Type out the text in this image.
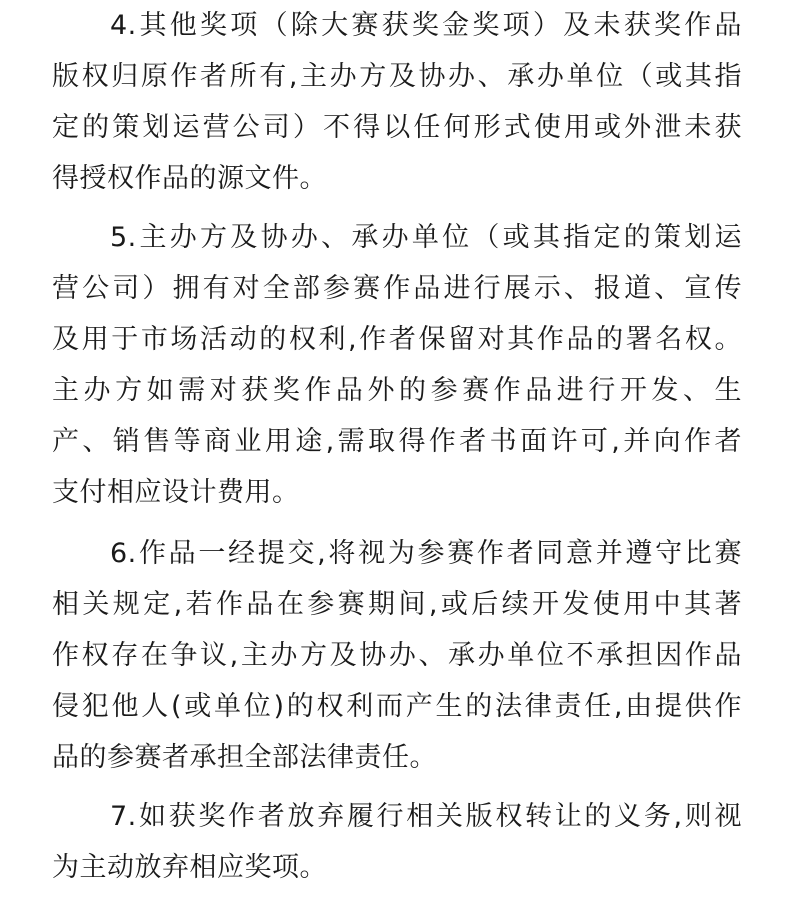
4.其他奖项（除大赛获奖金奖项）及未获奖作品
版权归原作者所有,主办方及协办、承办单位（或其指
定的策划运营公司）不得以任何形式使用或外泄未获
得授权作品的源文件。
5.主办方及协办、承办单位（或其指定的策划运
营公司）拥有对全部参赛作品进行展示、报道、宣传
及用于市场活动的权利,作者保留对其作品的署名权。
主办方如需对获奖作品外的参赛作品进行开发、生
产、销售等商业用途,需取得作者书面许可,并向作者
支付相应设计费用。
6.作品一经提交,将视为参赛作者同意并遵守比赛
相关规定,若作品在参赛期间,或后续开发使用中其著
作权存在争议,主办方及协办、承办单位不承担因作品
侵犯他人(或单位)的权利而产生的法律责任,由提供作
品的参赛者承担全部法律责任。
7.如获奖作者放弃履行相关版权转让的义务,则视
为主动放弃相应奖项。
